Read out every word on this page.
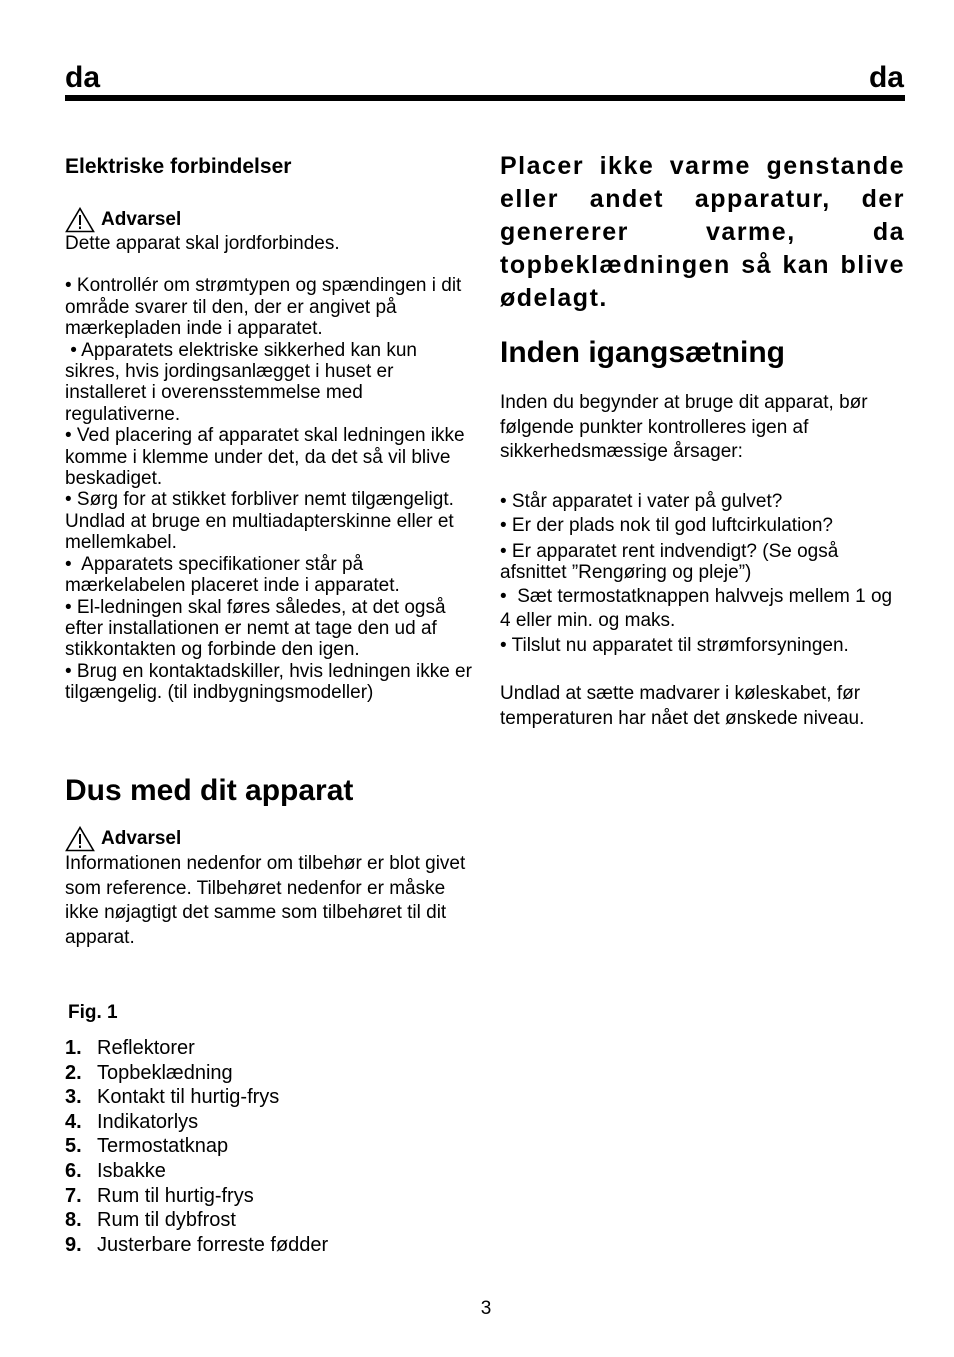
da	da
Elektriske forbindelser
Advarsel
Dette apparat skal jordforbindes.
• Kontrollér om strømtypen og spændingen i dit område svarer til den, der er angivet på mærkepladen inde i apparatet.
• Apparatets elektriske sikkerhed kan kun sikres, hvis jordingsanlægget i huset er installeret i overensstemmelse med regulativerne.
• Ved placering af apparatet skal ledningen ikke komme i klemme under det, da det så vil blive beskadiget.
• Sørg for at stikket forbliver nemt tilgængeligt. Undlad at bruge en multiadapterskinne eller et mellemkabel.
•  Apparatets specifikationer står på mærkelabelen placeret inde i apparatet.
• El-ledningen skal føres således, at det også efter installationen er nemt at tage den ud af stikkontakten og forbinde den igen.
• Brug en kontaktadskiller, hvis ledningen ikke er tilgængelig. (til indbygningsmodeller)
Placer ikke varme genstande eller andet apparatur, der genererer varme, da topbeklædningen så kan blive ødelagt.
Inden igangsætning
Inden du begynder at bruge dit apparat, bør følgende punkter kontrolleres igen af sikkerhedsmæssige årsager:
• Står apparatet i vater på gulvet?
• Er der plads nok til god luftcirkulation?
• Er apparatet rent indvendigt? (Se også afsnittet ”Rengøring og pleje”)
•  Sæt termostatknappen halvvejs mellem 1 og 4 eller min. og maks.
• Tilslut nu apparatet til strømforsyningen.
Undlad at sætte madvarer i køleskabet, før temperaturen har nået det ønskede niveau.
Dus med dit apparat
Advarsel
Informationen nedenfor om tilbehør er blot givet som reference. Tilbehøret nedenfor er måske ikke nøjagtigt det samme som tilbehøret til dit apparat.
Fig. 1
1. Reflektorer
2. Topbeklædning
3. Kontakt til hurtig-frys
4. Indikatorlys
5. Termostatknap
6. Isbakke
7. Rum til hurtig-frys
8. Rum til dybfrost
9. Justerbare forreste fødder
3
